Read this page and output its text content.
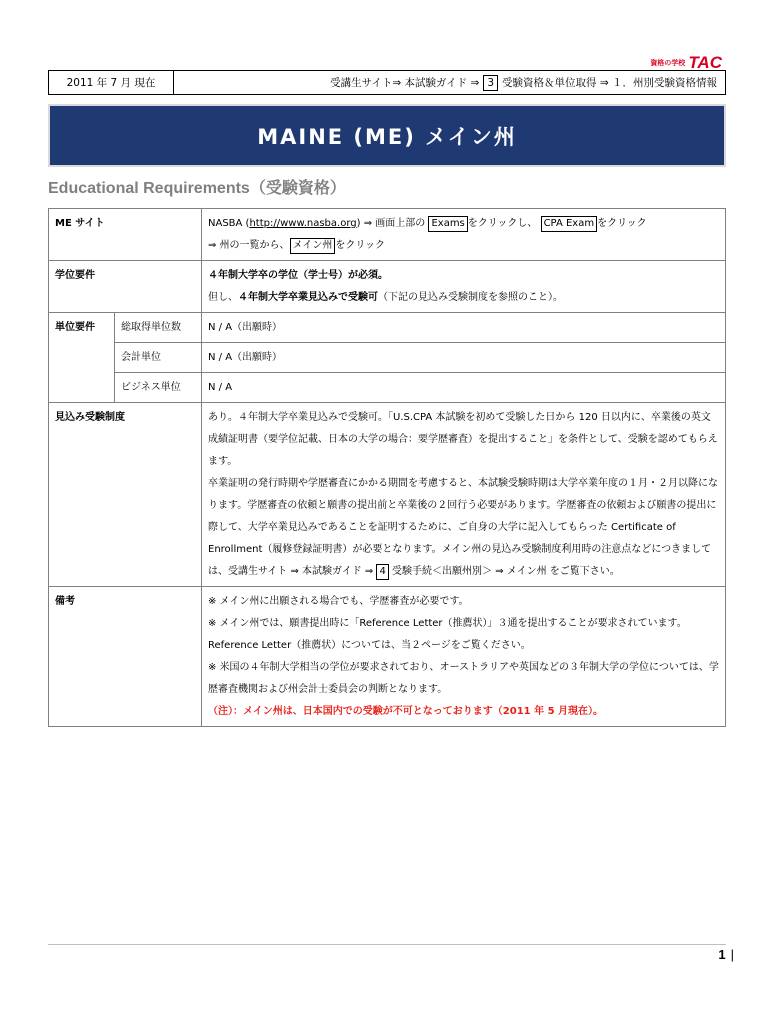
資格の学校 TAC
2011 年 7 月 現在	受講生サイト⇒ 本試験ガイド ⇒ 3 受験資格＆単位取得 ⇒ １．州別受験資格情報
MAINE (ME) メイン州
Educational Requirements（受験資格）
ME サイト		NASBA (http://www.nasba.org) ⇒ 画面上部の Exams をクリックし、 CPA Exam をクリック
⇒ 州の一覧から、 メイン州 をクリック
学位要件		４年制大学卒の学位（学士号）が必須。
但し、４年制大学卒業見込みで受験可（下記の見込み受験制度を参照のこと）。
単位要件	総取得単位数	N / A（出願時）
	会計単位	N / A（出願時）
	ビジネス単位	N / A
見込み受験制度		あり。４年制大学卒業見込みで受験可。「U.S.CPA 本試験を初めて受験した日から 120 日以内に、卒業後の英文成績証明書（要学位記載、日本の大学の場合：要学歴審査）を提出すること」を条件として、受験を認めてもらえます。
卒業証明の発行時期や学歴審査にかかる期間を考慮すると、本試験受験時期は大学卒業年度の１月・２月以降になります。学歴審査の依頼と願書の提出前と卒業後の２回行う必要があります。学歴審査の依頼および願書の提出に際して、大学卒業見込みであることを証明するために、ご自身の大学に記入してもらった Certificate of Enrollment（履修登録証明書）が必要となります。メイン州の見込み受験制度利用時の注意点などにつきましては、受講生サイト ⇒ 本試験ガイド ⇒ 4 受験手続＜出願州別＞ ⇒ メイン州 をご覧下さい。

備考		※ メイン州に出願される場合でも、学歴審査が必要です。
※ メイン州では、願書提出時に「Reference Letter（推薦状）」３通を提出することが要求されています。Reference Letter（推薦状）については、当２ページをご覧ください。
※ 米国の４年制大学相当の学位が要求されており、オーストラリアや英国などの３年制大学の学位については、学歴審査機関および州会計士委員会の判断となります。
（注）：メイン州は、日本国内での受験が不可となっております（2011 年 5 月現在）。
1 |
